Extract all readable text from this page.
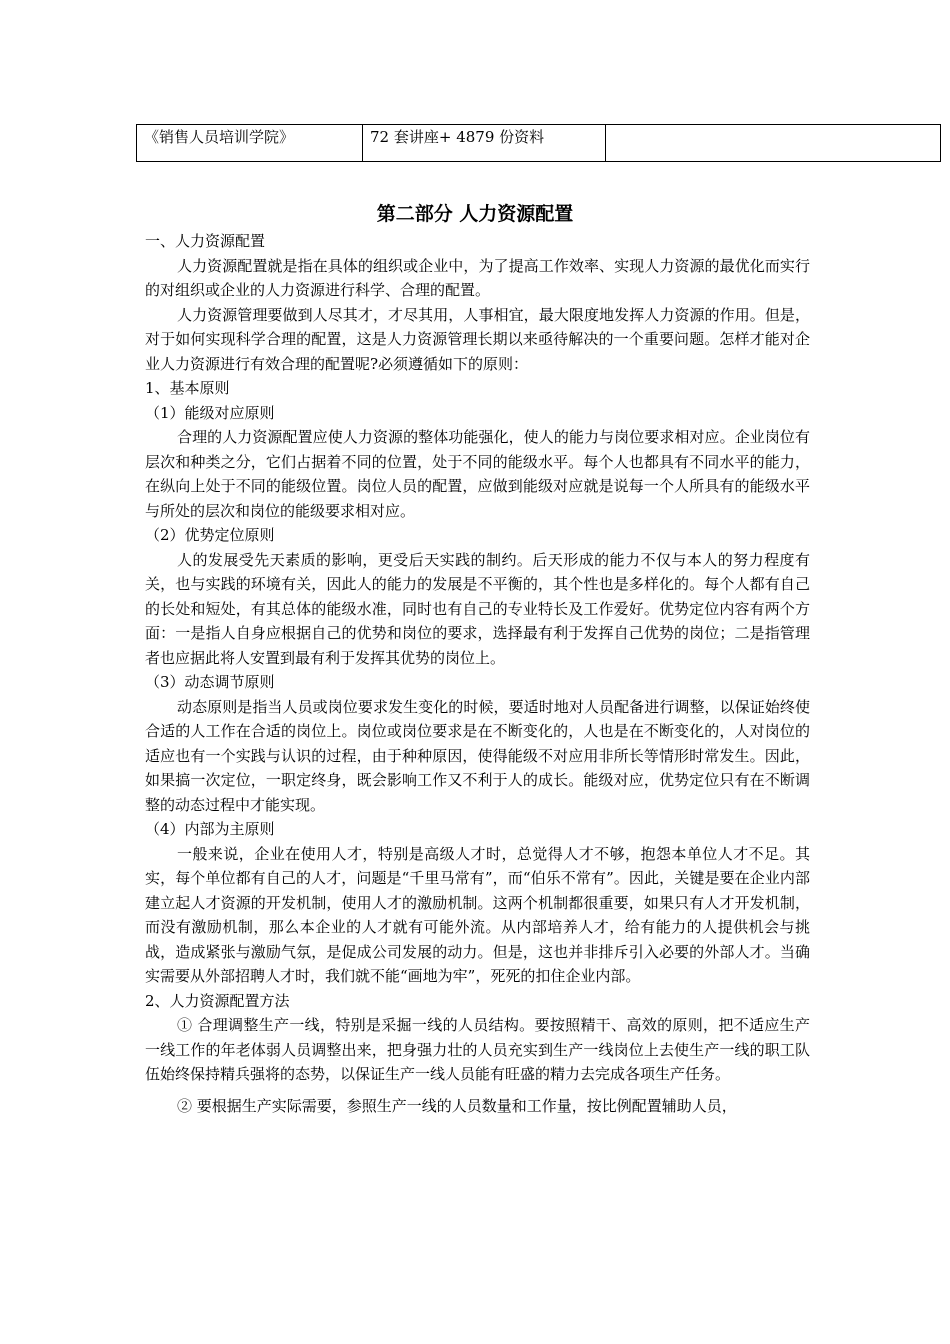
《销售人员培训学院》	72 套讲座+ 4879 份资料	
第二部分 人力资源配置

一、人力资源配置

人力资源配置就是指在具体的组织或企业中，为了提高工作效率、实现人力资源的最优化而实行的对组织或企业的人力资源进行科学、合理的配置。

人力资源管理要做到人尽其才，才尽其用，人事相宜，最大限度地发挥人力资源的作用。但是，对于如何实现科学合理的配置，这是人力资源管理长期以来亟待解决的一个重要问题。怎样才能对企业人力资源进行有效合理的配置呢?必须遵循如下的原则：

1、基本原则

（1）能级对应原则

合理的人力资源配置应使人力资源的整体功能强化，使人的能力与岗位要求相对应。企业岗位有层次和种类之分，它们占据着不同的位置，处于不同的能级水平。每个人也都具有不同水平的能力，在纵向上处于不同的能级位置。岗位人员的配置，应做到能级对应就是说每一个人所具有的能级水平与所处的层次和岗位的能级要求相对应。

（2）优势定位原则

人的发展受先天素质的影响，更受后天实践的制约。后天形成的能力不仅与本人的努力程度有关，也与实践的环境有关，因此人的能力的发展是不平衡的，其个性也是多样化的。每个人都有自己的长处和短处，有其总体的能级水准，同时也有自己的专业特长及工作爱好。优势定位内容有两个方面：一是指人自身应根据自己的优势和岗位的要求，选择最有利于发挥自己优势的岗位；二是指管理者也应据此将人安置到最有利于发挥其优势的岗位上。

（3）动态调节原则

动态原则是指当人员或岗位要求发生变化的时候，要适时地对人员配备进行调整，以保证始终使合适的人工作在合适的岗位上。岗位或岗位要求是在不断变化的，人也是在不断变化的，人对岗位的适应也有一个实践与认识的过程，由于种种原因，使得能级不对应用非所长等情形时常发生。因此，如果搞一次定位，一职定终身，既会影响工作又不利于人的成长。能级对应，优势定位只有在不断调整的动态过程中才能实现。

（4）内部为主原则

一般来说，企业在使用人才，特别是高级人才时，总觉得人才不够，抱怨本单位人才不足。其实，每个单位都有自己的人才，问题是“千里马常有”，而“伯乐不常有”。因此，关键是要在企业内部建立起人才资源的开发机制，使用人才的激励机制。这两个机制都很重要，如果只有人才开发机制，而没有激励机制，那么本企业的人才就有可能外流。从内部培养人才，给有能力的人提供机会与挑战，造成紧张与激励气氛，是促成公司发展的动力。但是，这也并非排斥引入必要的外部人才。当确实需要从外部招聘人才时，我们就不能“画地为牢”，死死的扣住企业内部。

2、人力资源配置方法

① 合理调整生产一线，特别是采掘一线的人员结构。要按照精干、高效的原则，把不适应生产一线工作的年老体弱人员调整出来，把身强力壮的人员充实到生产一线岗位上去使生产一线的职工队伍始终保持精兵强将的态势，以保证生产一线人员能有旺盛的精力去完成各项生产任务。

② 要根据生产实际需要，参照生产一线的人员数量和工作量，按比例配置辅助人员，
